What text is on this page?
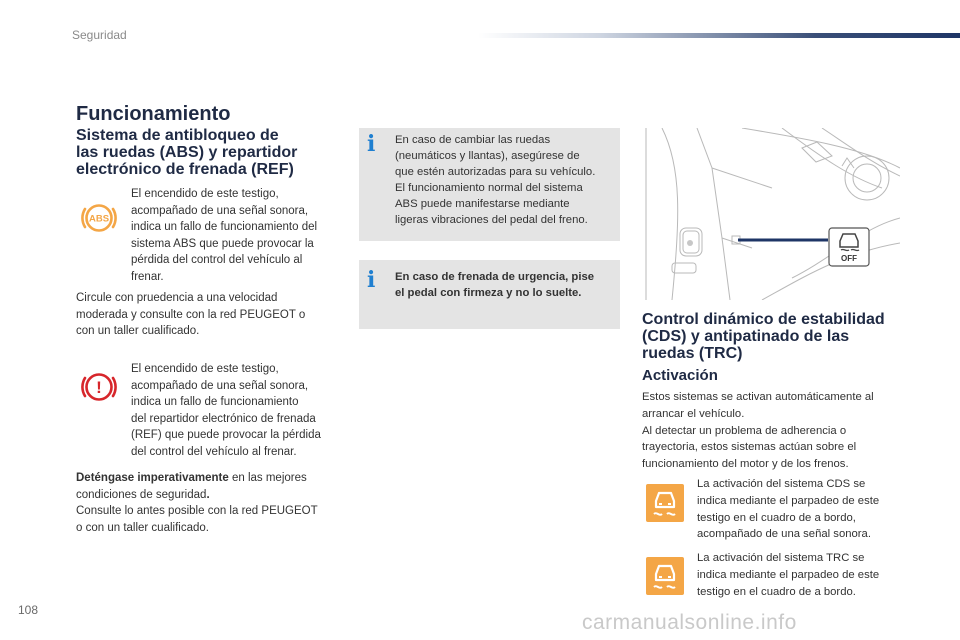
Seguridad
Funcionamiento
Sistema de antibloqueo de
las ruedas (ABS) y repartidor
electrónico de frenada (REF)
ABS
El encendido de este testigo,
acompañado de una señal sonora,
indica un fallo de funcionamiento del
sistema ABS que puede provocar la
pérdida del control del vehículo al
frenar.
Circule con pruedencia a una velocidad
moderada y consulte con la red PEUGEOT o
con un taller cualificado.
!
El encendido de este testigo,
acompañado de una señal sonora,
indica un fallo de funcionamiento
del repartidor electrónico de frenada
(REF) que puede provocar la pérdida
del control del vehículo al frenar.
Deténgase imperativamente en las mejores
condiciones de seguridad.
Consulte lo antes posible con la red PEUGEOT
o con un taller cualificado.
i	En caso de cambiar las ruedas
(neumáticos y llantas), asegúrese de
que estén autorizadas para su vehículo.
El funcionamiento normal del sistema
ABS puede manifestarse mediante
ligeras vibraciones del pedal del freno.
i	En caso de frenada de urgencia, pise
el pedal con firmeza y no lo suelte.
OFF
Control dinámico de estabilidad
(CDS) y antipatinado de las
ruedas (TRC)
Activación
Estos sistemas se activan automáticamente al
arrancar el vehículo.
Al detectar un problema de adherencia o
trayectoria, estos sistemas actúan sobre el
funcionamiento del motor y de los frenos.
La activación del sistema CDS se
indica mediante el parpadeo de este
testigo en el cuadro de a bordo,
acompañado de una señal sonora.
La activación del sistema TRC se
indica mediante el parpadeo de este
testigo en el cuadro de a bordo.
108
carmanualsonline.info
